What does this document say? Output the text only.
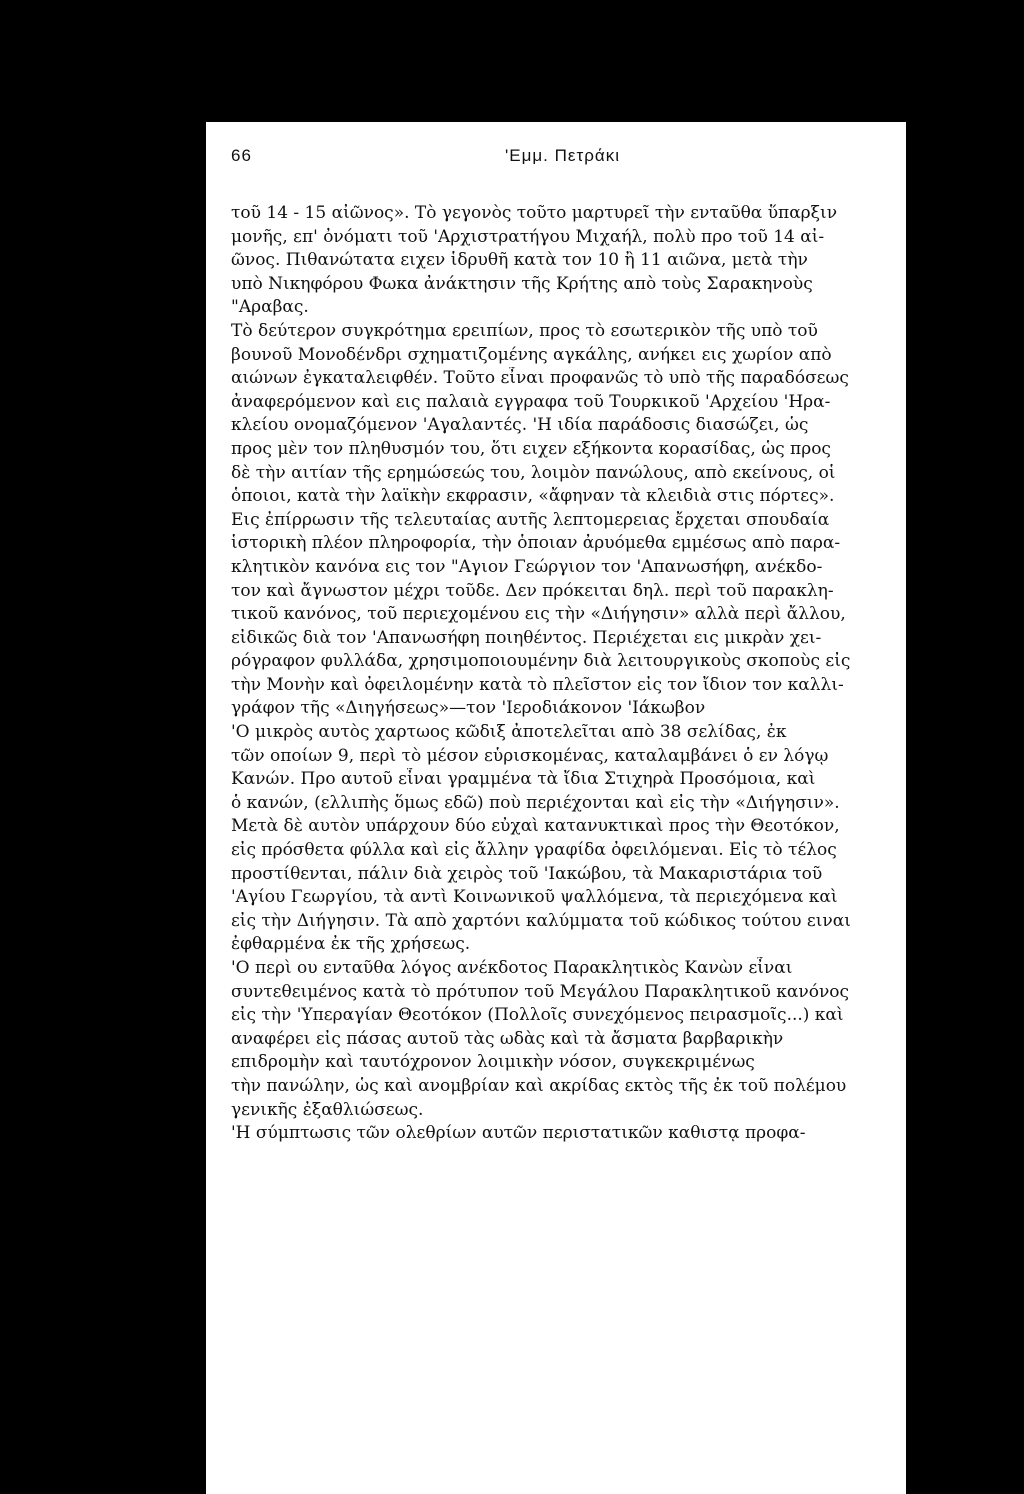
66	'Εμμ. Πετράκι
τοῦ 14 - 15 αἰῶνος». Τὸ γεγονὸς τοῦτο μαρτυρεῖ τὴν ενταῦθα ὕπαρξιν
μονῆς, επ' ὀνόματι τοῦ 'Αρχιστρατήγου Μιχαήλ, πολὺ προ τοῦ 14 αἰ-
ῶνος. Πιθανώτατα ειχεν ἱδρυθῆ κατὰ τον 10 ἢ 11 αιῶνα, μετὰ τὴν
υπὸ Νικηφόρου Φωκα ἀνάκτησιν τῆς Κρήτης απὸ τοὺς Σαρακηνοὺς
"Αραβας.
Τὸ δεύτερον συγκρότημα ερειπίων, προς τὸ εσωτερικὸν τῆς υπὸ τοῦ
βουνοῦ Μονοδένδρι σχηματιζομένης αγκάλης, ανήκει εις χωρίον απὸ
αιώνων ἐγκαταλειφθέν. Τοῦτο εἶναι προφανῶς τὸ υπὸ τῆς παραδόσεως
ἀναφερόμενον καὶ εις παλαιὰ εγγραφα τοῦ Τουρκικοῦ 'Αρχείου 'Ηρα-
κλείου ονομαζόμενον 'Αγαλαντές. 'Η ιδία παράδοσις διασώζει, ὡς
προς μὲν τον πληθυσμόν του, ὅτι ειχεν εξήκοντα κορασίδας, ὡς προς
δὲ τὴν αιτίαν τῆς ερημώσεώς του, λοιμὸν πανώλους, απὸ εκείνους, οἱ
ὁποιοι, κατὰ τὴν λαϊκὴν εκφρασιν, «ἄφηναν τὰ κλειδιὰ στις πόρτες».
Εις ἐπίρρωσιν τῆς τελευταίας αυτῆς λεπτομερειας ἔρχεται σπουδαία
ἱστορικὴ πλέον πληροφορία, τὴν ὁποιαν ἀρυόμεθα εμμέσως απὸ παρα-
κλητικὸν κανόνα εις τον "Αγιον Γεώργιον τον 'Απανωσήφη, ανέκδο-
τον καὶ ἄγνωστον μέχρι τοῦδε. Δεν πρόκειται δηλ. περὶ τοῦ παρακλη-
τικοῦ κανόνος, τοῦ περιεχομένου εις τὴν «Διήγησιν» αλλὰ περὶ ἄλλου,
εἰδικῶς διὰ τον 'Απανωσήφη ποιηθέντος. Περιέχεται εις μικρὰν χει-
ρόγραφον φυλλάδα, χρησιμοποιουμένην διὰ λειτουργικοὺς σκοποὺς εἰς
τὴν Μονὴν καὶ ὀφειλομένην κατὰ τὸ πλεῖστον εἰς τον ἴδιον τον καλλι-
γράφον τῆς «Διηγήσεως»—τον 'Ιεροδιάκονον 'Ιάκωβον
'Ο μικρὸς αυτὸς χαρτωος κῶδιξ ἀποτελεῖται απὸ 38 σελίδας, ἐκ
τῶν οποίων 9, περὶ τὸ μέσον εὑρισκομένας, καταλαμβάνει ὁ εν λόγῳ
Κανών. Προ αυτοῦ εἶναι γραμμένα τὰ ἴδια Στιχηρὰ Προσόμοια, καὶ
ὁ κανών, (ελλιπὴς ὅμως εδῶ) ποὺ περιέχονται καὶ εἰς τὴν «Διήγησιν».
Μετὰ δὲ αυτὸν υπάρχουν δύο εὐχαὶ κατανυκτικαὶ προς τὴν Θεοτόκον,
εἰς πρόσθετα φύλλα καὶ εἰς ἄλλην γραφίδα ὀφειλόμεναι. Εἰς τὸ τέλος
προστίθενται, πάλιν διὰ χειρὸς τοῦ 'Ιακώβου, τὰ Μακαριστάρια τοῦ
'Αγίου Γεωργίου, τὰ αντὶ Κοινωνικοῦ ψαλλόμενα, τὰ περιεχόμενα καὶ
εἰς τὴν Διήγησιν. Τὰ απὸ χαρτόνι καλύμματα τοῦ κώδικος τούτου ειναι
ἐφθαρμένα ἐκ τῆς χρήσεως.
'Ο περὶ ου ενταῦθα λόγος ανέκδοτος Παρακλητικὸς Κανὼν εἶναι
συντεθειμένος κατὰ τὸ πρότυπον τοῦ Μεγάλου Παρακλητικοῦ κανόνος
εἰς τὴν 'Υπεραγίαν Θεοτόκον (Πολλοῖς συνεχόμενος πειρασμοῖς...) καὶ
αναφέρει εἰς πάσας αυτοῦ τὰς ωδὰς καὶ τὰ ἄσματα βαρβαρικὴν
επιδρομὴν καὶ ταυτόχρονον λοιμικὴν νόσον, συγκεκριμένως
τὴν πανώλην, ὡς καὶ ανομβρίαν καὶ ακρίδας εκτὸς τῆς ἐκ τοῦ πολέμου
γενικῆς ἐξαθλιώσεως.
'Η σύμπτωσις τῶν ολεθρίων αυτῶν περιστατικῶν καθιστᾳ προφα-
